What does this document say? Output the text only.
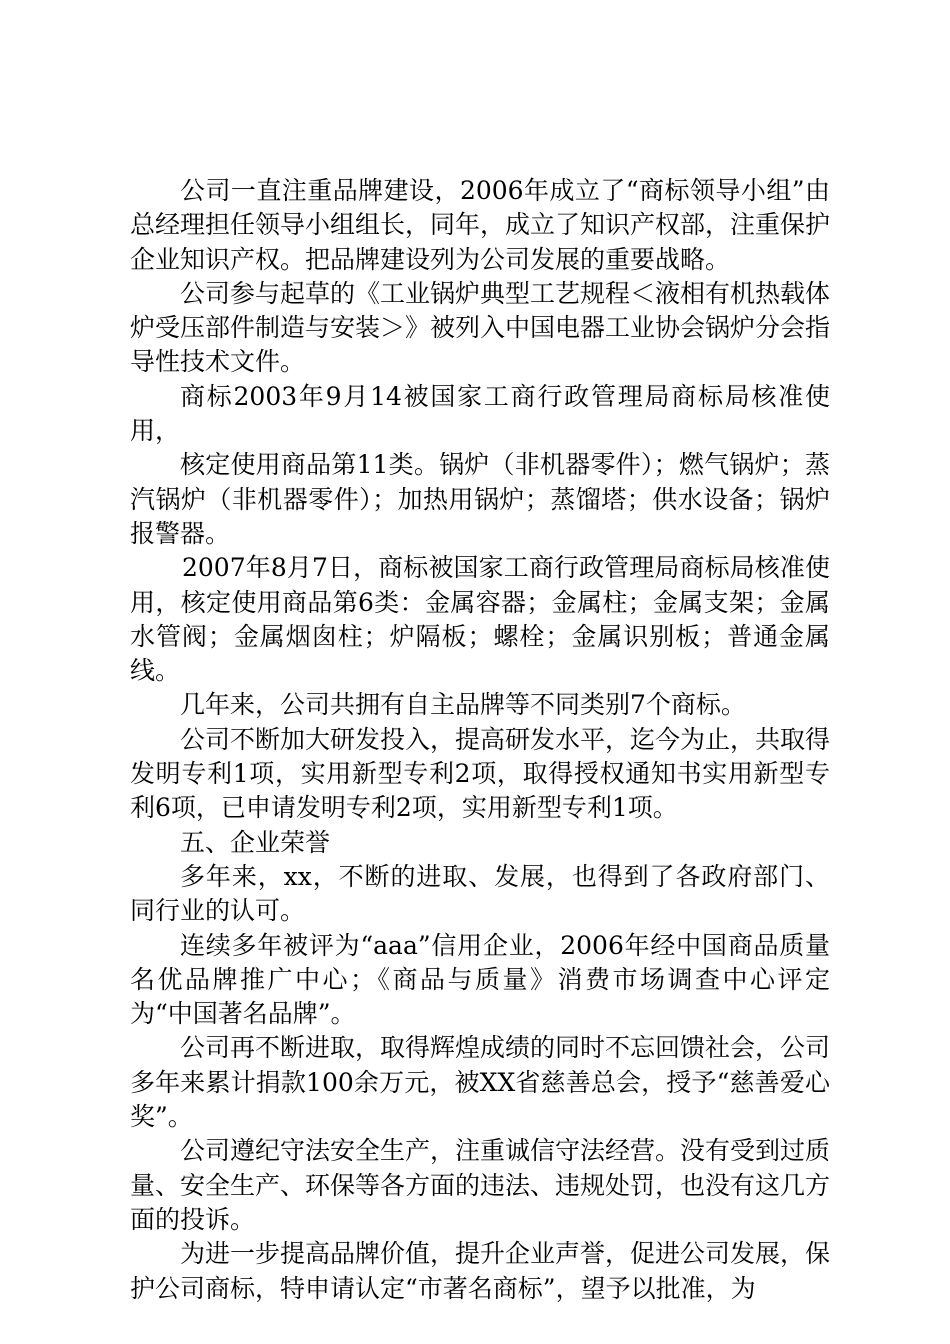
公司一直注重品牌建设，2006年成立了“商标领导小组”由总经理担任领导小组组长，同年，成立了知识产权部，注重保护企业知识产权。把品牌建设列为公司发展的重要战略。

公司参与起草的《工业锅炉典型工艺规程＜液相有机热载体炉受压部件制造与安装＞》被列入中国电器工业协会锅炉分会指导性技术文件。

商标2003年9月14被国家工商行政管理局商标局核准使用，

核定使用商品第11类。锅炉（非机器零件）；燃气锅炉；蒸汽锅炉（非机器零件）；加热用锅炉；蒸馏塔；供水设备；锅炉报警器。

2007年8月7日，商标被国家工商行政管理局商标局核准使用，核定使用商品第6类：金属容器；金属柱；金属支架；金属水管阀；金属烟囱柱；炉隔板；螺栓；金属识别板；普通金属线。

几年来，公司共拥有自主品牌等不同类别7个商标。

公司不断加大研发投入，提高研发水平，迄今为止，共取得发明专利1项，实用新型专利2项，取得授权通知书实用新型专利6项，已申请发明专利2项，实用新型专利1项。

五、企业荣誉

多年来，xx，不断的进取、发展，也得到了各政府部门、同行业的认可。

连续多年被评为“aaa”信用企业，2006年经中国商品质量名优品牌推广中心；《商品与质量》消费市场调查中心评定为“中国著名品牌”。

公司再不断进取，取得辉煌成绩的同时不忘回馈社会，公司多年来累计捐款100余万元，被XX省慈善总会，授予“慈善爱心奖”。

公司遵纪守法安全生产，注重诚信守法经营。没有受到过质量、安全生产、环保等各方面的违法、违规处罚，也没有这几方面的投诉。

为进一步提高品牌价值，提升企业声誉，促进公司发展，保护公司商标，特申请认定“市著名商标”，望予以批准，为
